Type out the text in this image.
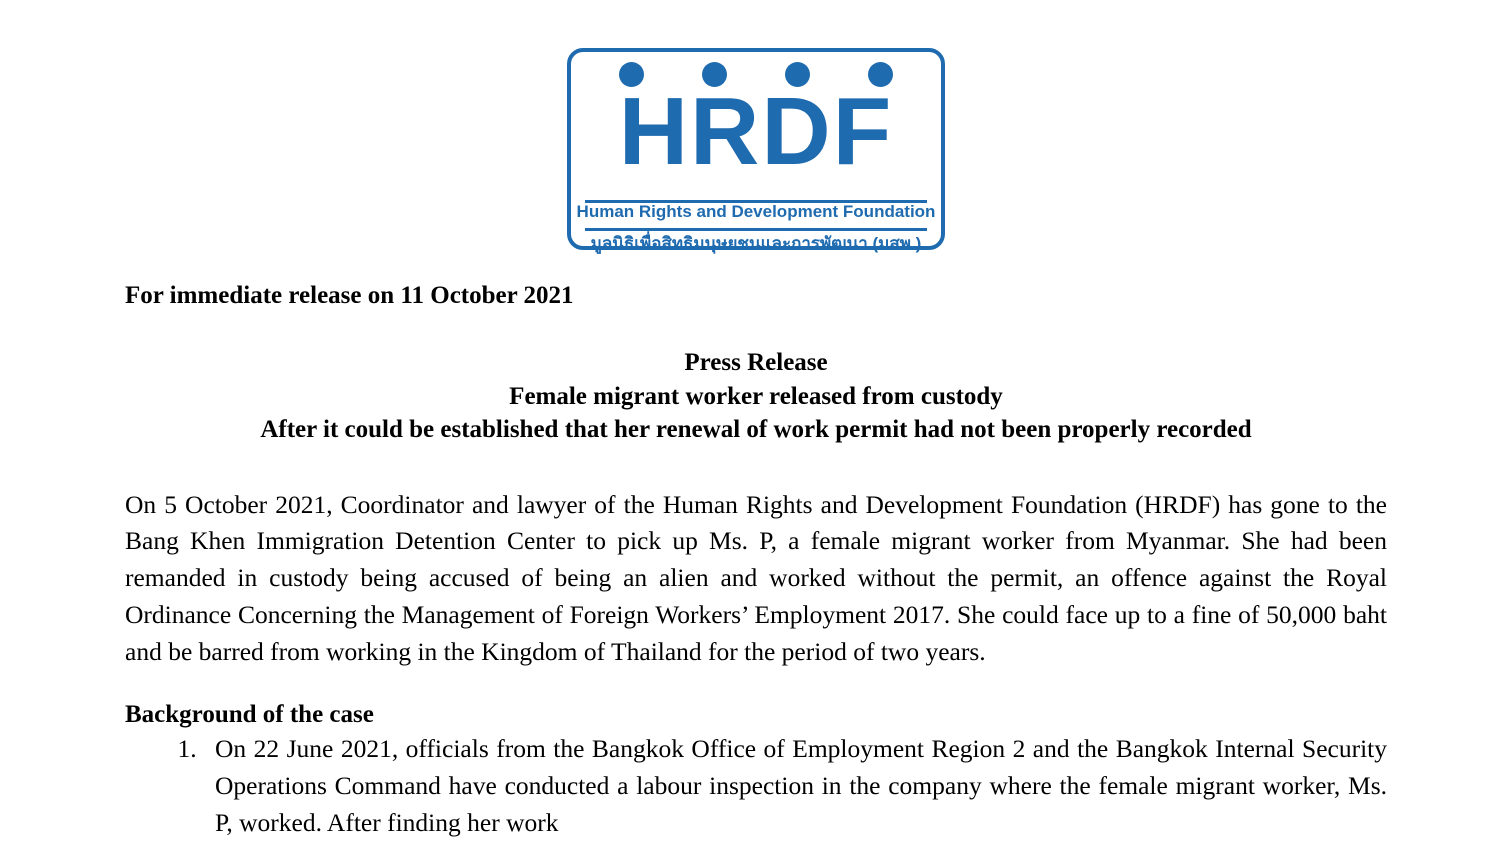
HRDF
Human Rights and Development Foundation
มูลนิธิเพื่อสิทธิมนุษยชนและการพัฒนา (มสพ.)
For immediate release on 11 October 2021
Press Release
Female migrant worker released from custody
After it could be established that her renewal of work permit had not been properly recorded
On 5 October 2021, Coordinator and lawyer of the Human Rights and Development Foundation (HRDF) has gone to the Bang Khen Immigration Detention Center to pick up Ms. P, a female migrant worker from Myanmar. She had been remanded in custody being accused of being an alien and worked without the permit, an offence against the Royal Ordinance Concerning the Management of Foreign Workers’ Employment 2017. She could face up to a fine of 50,000 baht and be barred from working in the Kingdom of Thailand for the period of two years.
Background of the case
1. On 22 June 2021, officials from the Bangkok Office of Employment Region 2 and the Bangkok Internal Security Operations Command have conducted a labour inspection in the company where the female migrant worker, Ms. P, worked. After finding her work
